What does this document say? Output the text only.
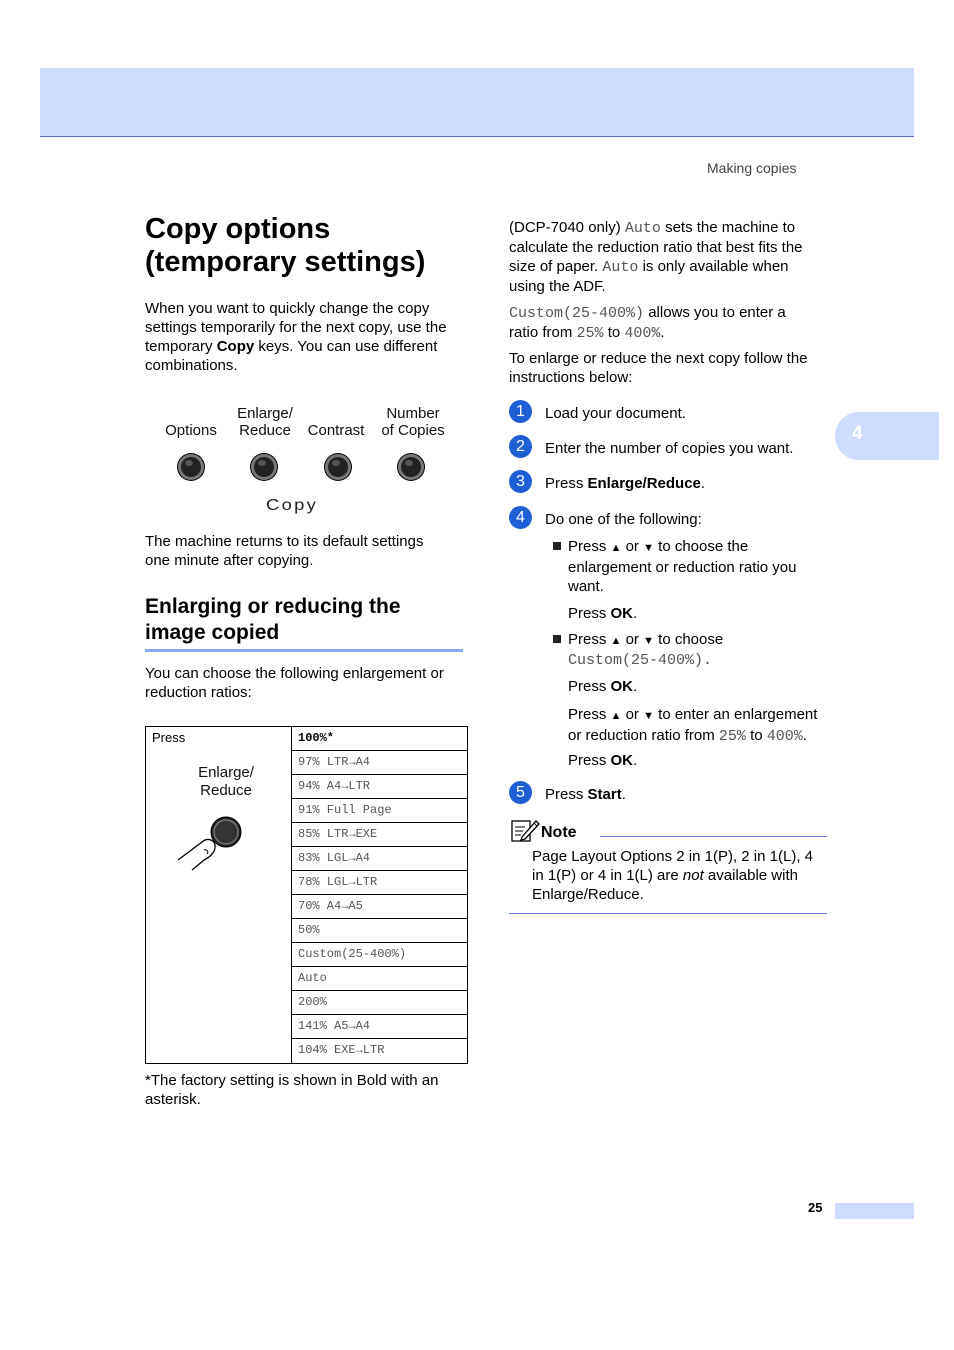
Making copies
4
Copy options
(temporary settings)
When you want to quickly change the copy
settings temporarily for the next copy, use the
temporary Copy keys. You can use different
combinations.
Options
Enlarge/
Reduce	Contrast
Number
of Copies
Copy
The machine returns to its default settings
one minute after copying.
Enlarging or reducing the
image copied
You can choose the following enlargement or
reduction ratios:
Press
Enlarge/
Reduce
100%*
97% LTR→A4
94% A4→LTR
91% Full Page
85% LTR→EXE
83% LGL→A4
78% LGL→LTR
70% A4→A5
50%
Custom(25-400%)
Auto
200%
141% A5→A4
104% EXE→LTR
*The factory setting is shown in Bold with an
asterisk.
(DCP-7040 only) Auto sets the machine to
calculate the reduction ratio that best fits the
size of paper. Auto is only available when
using the ADF.
Custom(25-400%) allows you to enter a
ratio from 25% to 400%.
To enlarge or reduce the next copy follow the
instructions below:
1	Load your document.
2	Enter the number of copies you want.
3	Press Enlarge/Reduce.
4	Do one of the following:
Press ▲ or ▼ to choose the
enlargement or reduction ratio you
want.
Press OK.
Press ▲ or ▼ to choose
Custom(25-400%).
Press OK.
Press ▲ or ▼ to enter an enlargement
or reduction ratio from 25% to 400%.
Press OK.
5	Press Start.
Note
Page Layout Options 2 in 1(P), 2 in 1(L), 4
in 1(P) or 4 in 1(L) are not available with
Enlarge/Reduce.
25
